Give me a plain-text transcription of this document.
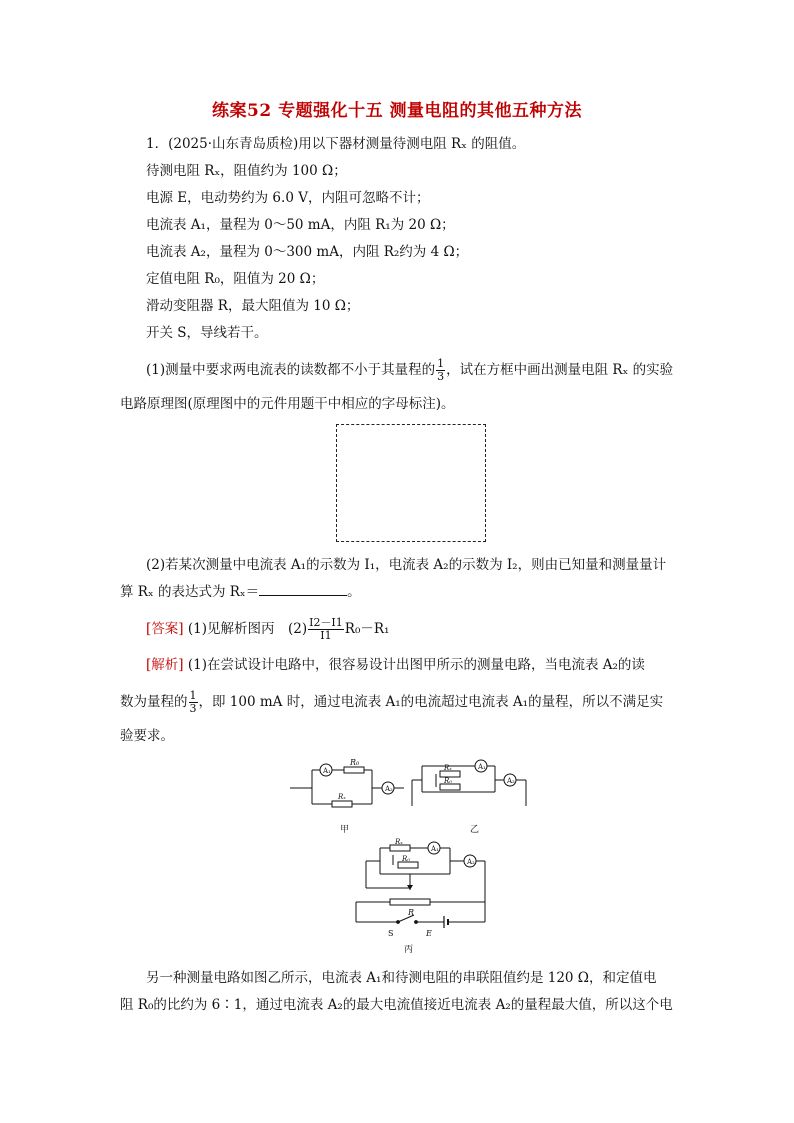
练案52 专题强化十五 测量电阻的其他五种方法
1．(2025·山东青岛质检)用以下器材测量待测电阻 Rₓ 的阻值。
待测电阻 Rₓ，阻值约为 100 Ω；
电源 E，电动势约为 6.0 V，内阻可忽略不计；
电流表 A₁，量程为 0～50 mA，内阻 R₁为 20 Ω；
电流表 A₂，量程为 0～300 mA，内阻 R₂约为 4 Ω；
定值电阻 R₀，阻值为 20 Ω；
滑动变阻器 R，最大阻值为 10 Ω；
开关 S，导线若干。
(1)测量中要求两电流表的读数都不小于其量程的 $\frac{1}{3}$ ，试在方框中画出测量电阻 Rₓ 的实验
电路原理图(原理图中的元件用题干中相应的字母标注)。
(2)若某次测量中电流表 A₁的示数为 I₁，电流表 A₂的示数为 I₂，则由已知量和测量量计
算 Rₓ 的表达式为 Rₓ＝	。
[答案] (1)见解析图丙　$(2) \frac{I2-I1}{I1} R_0-R_1$
[解析] (1)在尝试设计电路中，很容易设计出图甲所示的测量电路，当电流表 A₂的读
数为量程的 $\frac{1}{3}$ ，即 100 mA 时，通过电流表 A₁的电流超过电流表 A₁的量程，所以不满足实
验要求。
A₁
R₀
Rₓ
A₂
甲
Rₓ
R₀
A₁
A₂
乙
Rₓ
A₁
R₀	A₂
R
S	E
丙
另一种测量电路如图乙所示，电流表 A₁和待测电阻的串联阻值约是 120 Ω，和定值电
阻 R₀的比约为 6∶1，通过电流表 A₂的最大电流值接近电流表 A₂的量程最大值，所以这个电
